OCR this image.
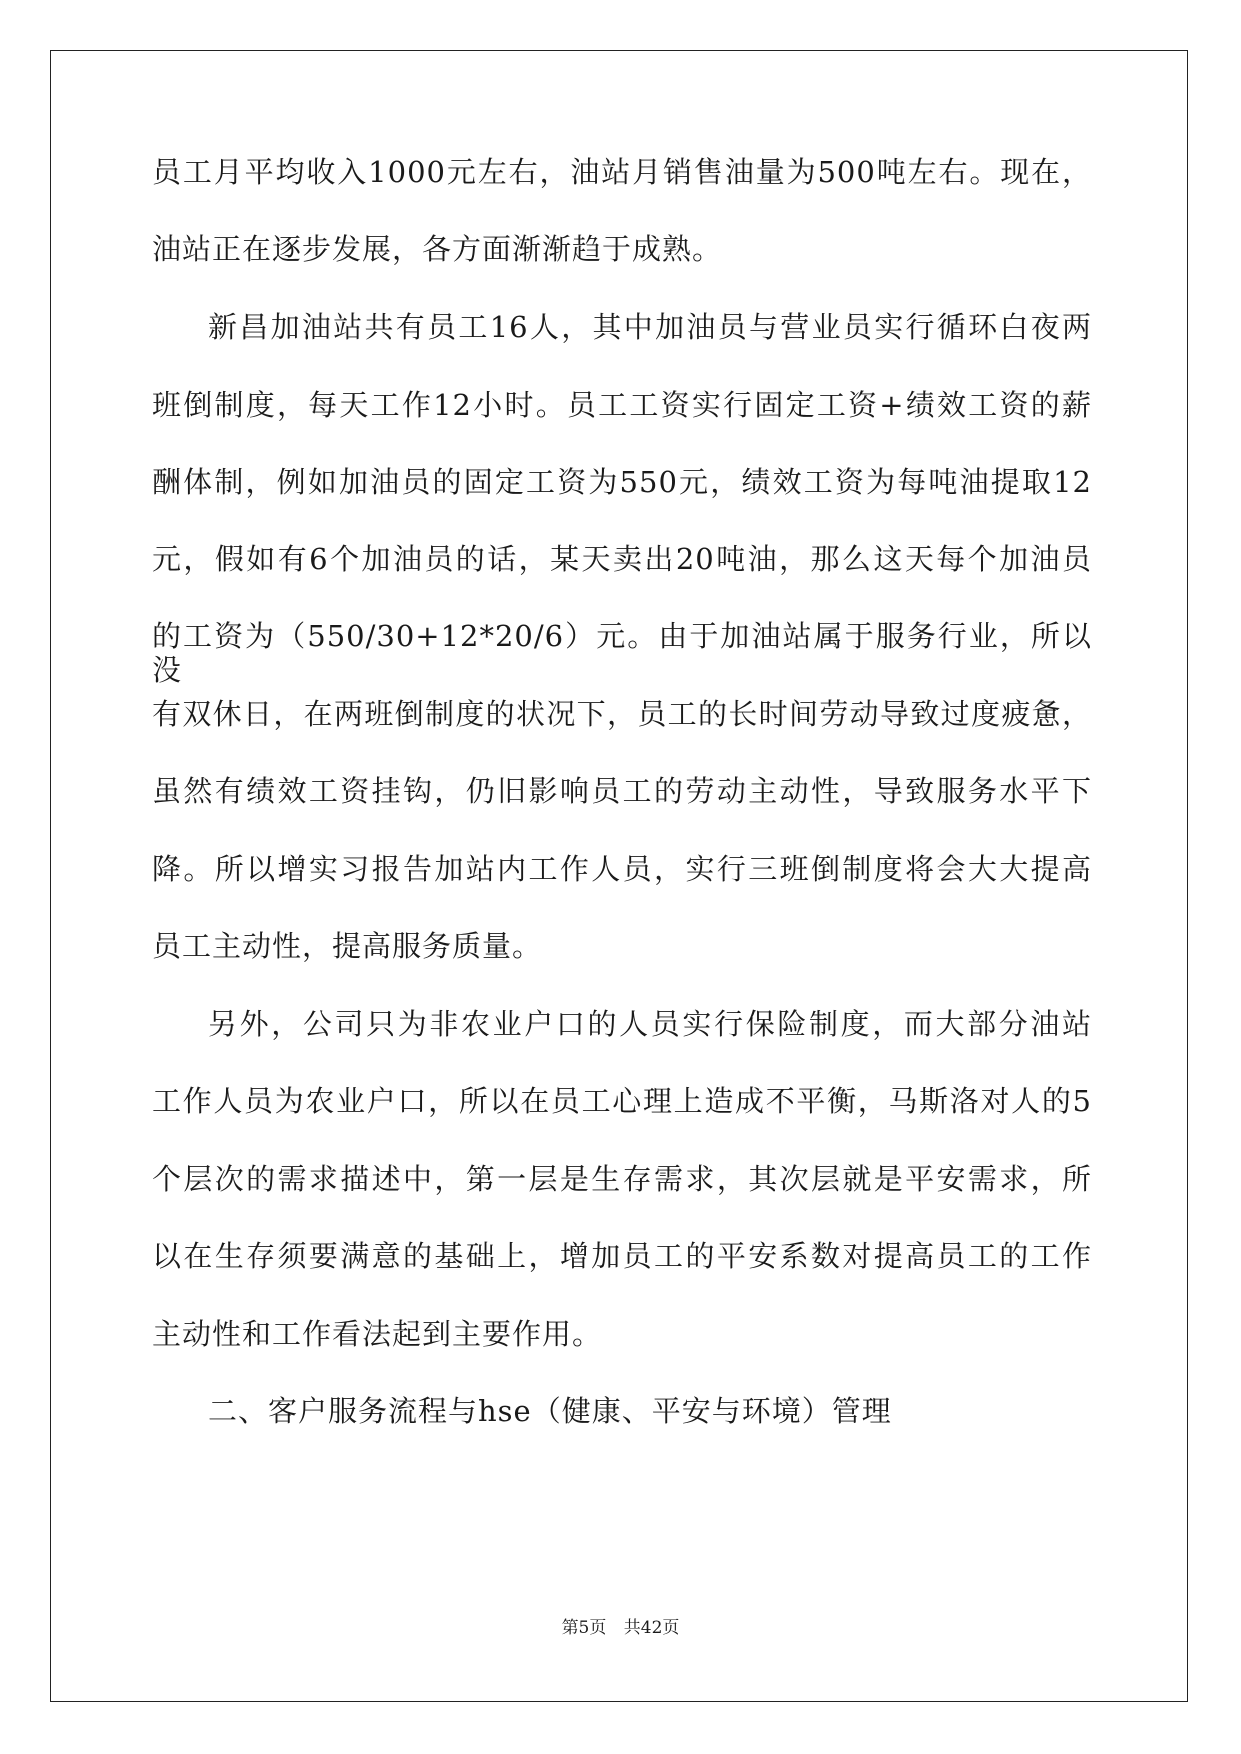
员工月平均收入1000元左右，油站月销售油量为500吨左右。现在，
油站正在逐步发展，各方面渐渐趋于成熟。
新昌加油站共有员工16人，其中加油员与营业员实行循环白夜两
班倒制度，每天工作12小时。员工工资实行固定工资+绩效工资的薪
酬体制，例如加油员的固定工资为550元，绩效工资为每吨油提取12
元，假如有6个加油员的话，某天卖出20吨油，那么这天每个加油员
的工资为（550/30+12*20/6）元。由于加油站属于服务行业，所以没
有双休日，在两班倒制度的状况下，员工的长时间劳动导致过度疲惫，
虽然有绩效工资挂钩，仍旧影响员工的劳动主动性，导致服务水平下
降。所以增实习报告加站内工作人员，实行三班倒制度将会大大提高
员工主动性，提高服务质量。
另外，公司只为非农业户口的人员实行保险制度，而大部分油站
工作人员为农业户口，所以在员工心理上造成不平衡，马斯洛对人的5
个层次的需求描述中，第一层是生存需求，其次层就是平安需求，所
以在生存须要满意的基础上，增加员工的平安系数对提高员工的工作
主动性和工作看法起到主要作用。
二、客户服务流程与hse（健康、平安与环境）管理
第5页 共42页
